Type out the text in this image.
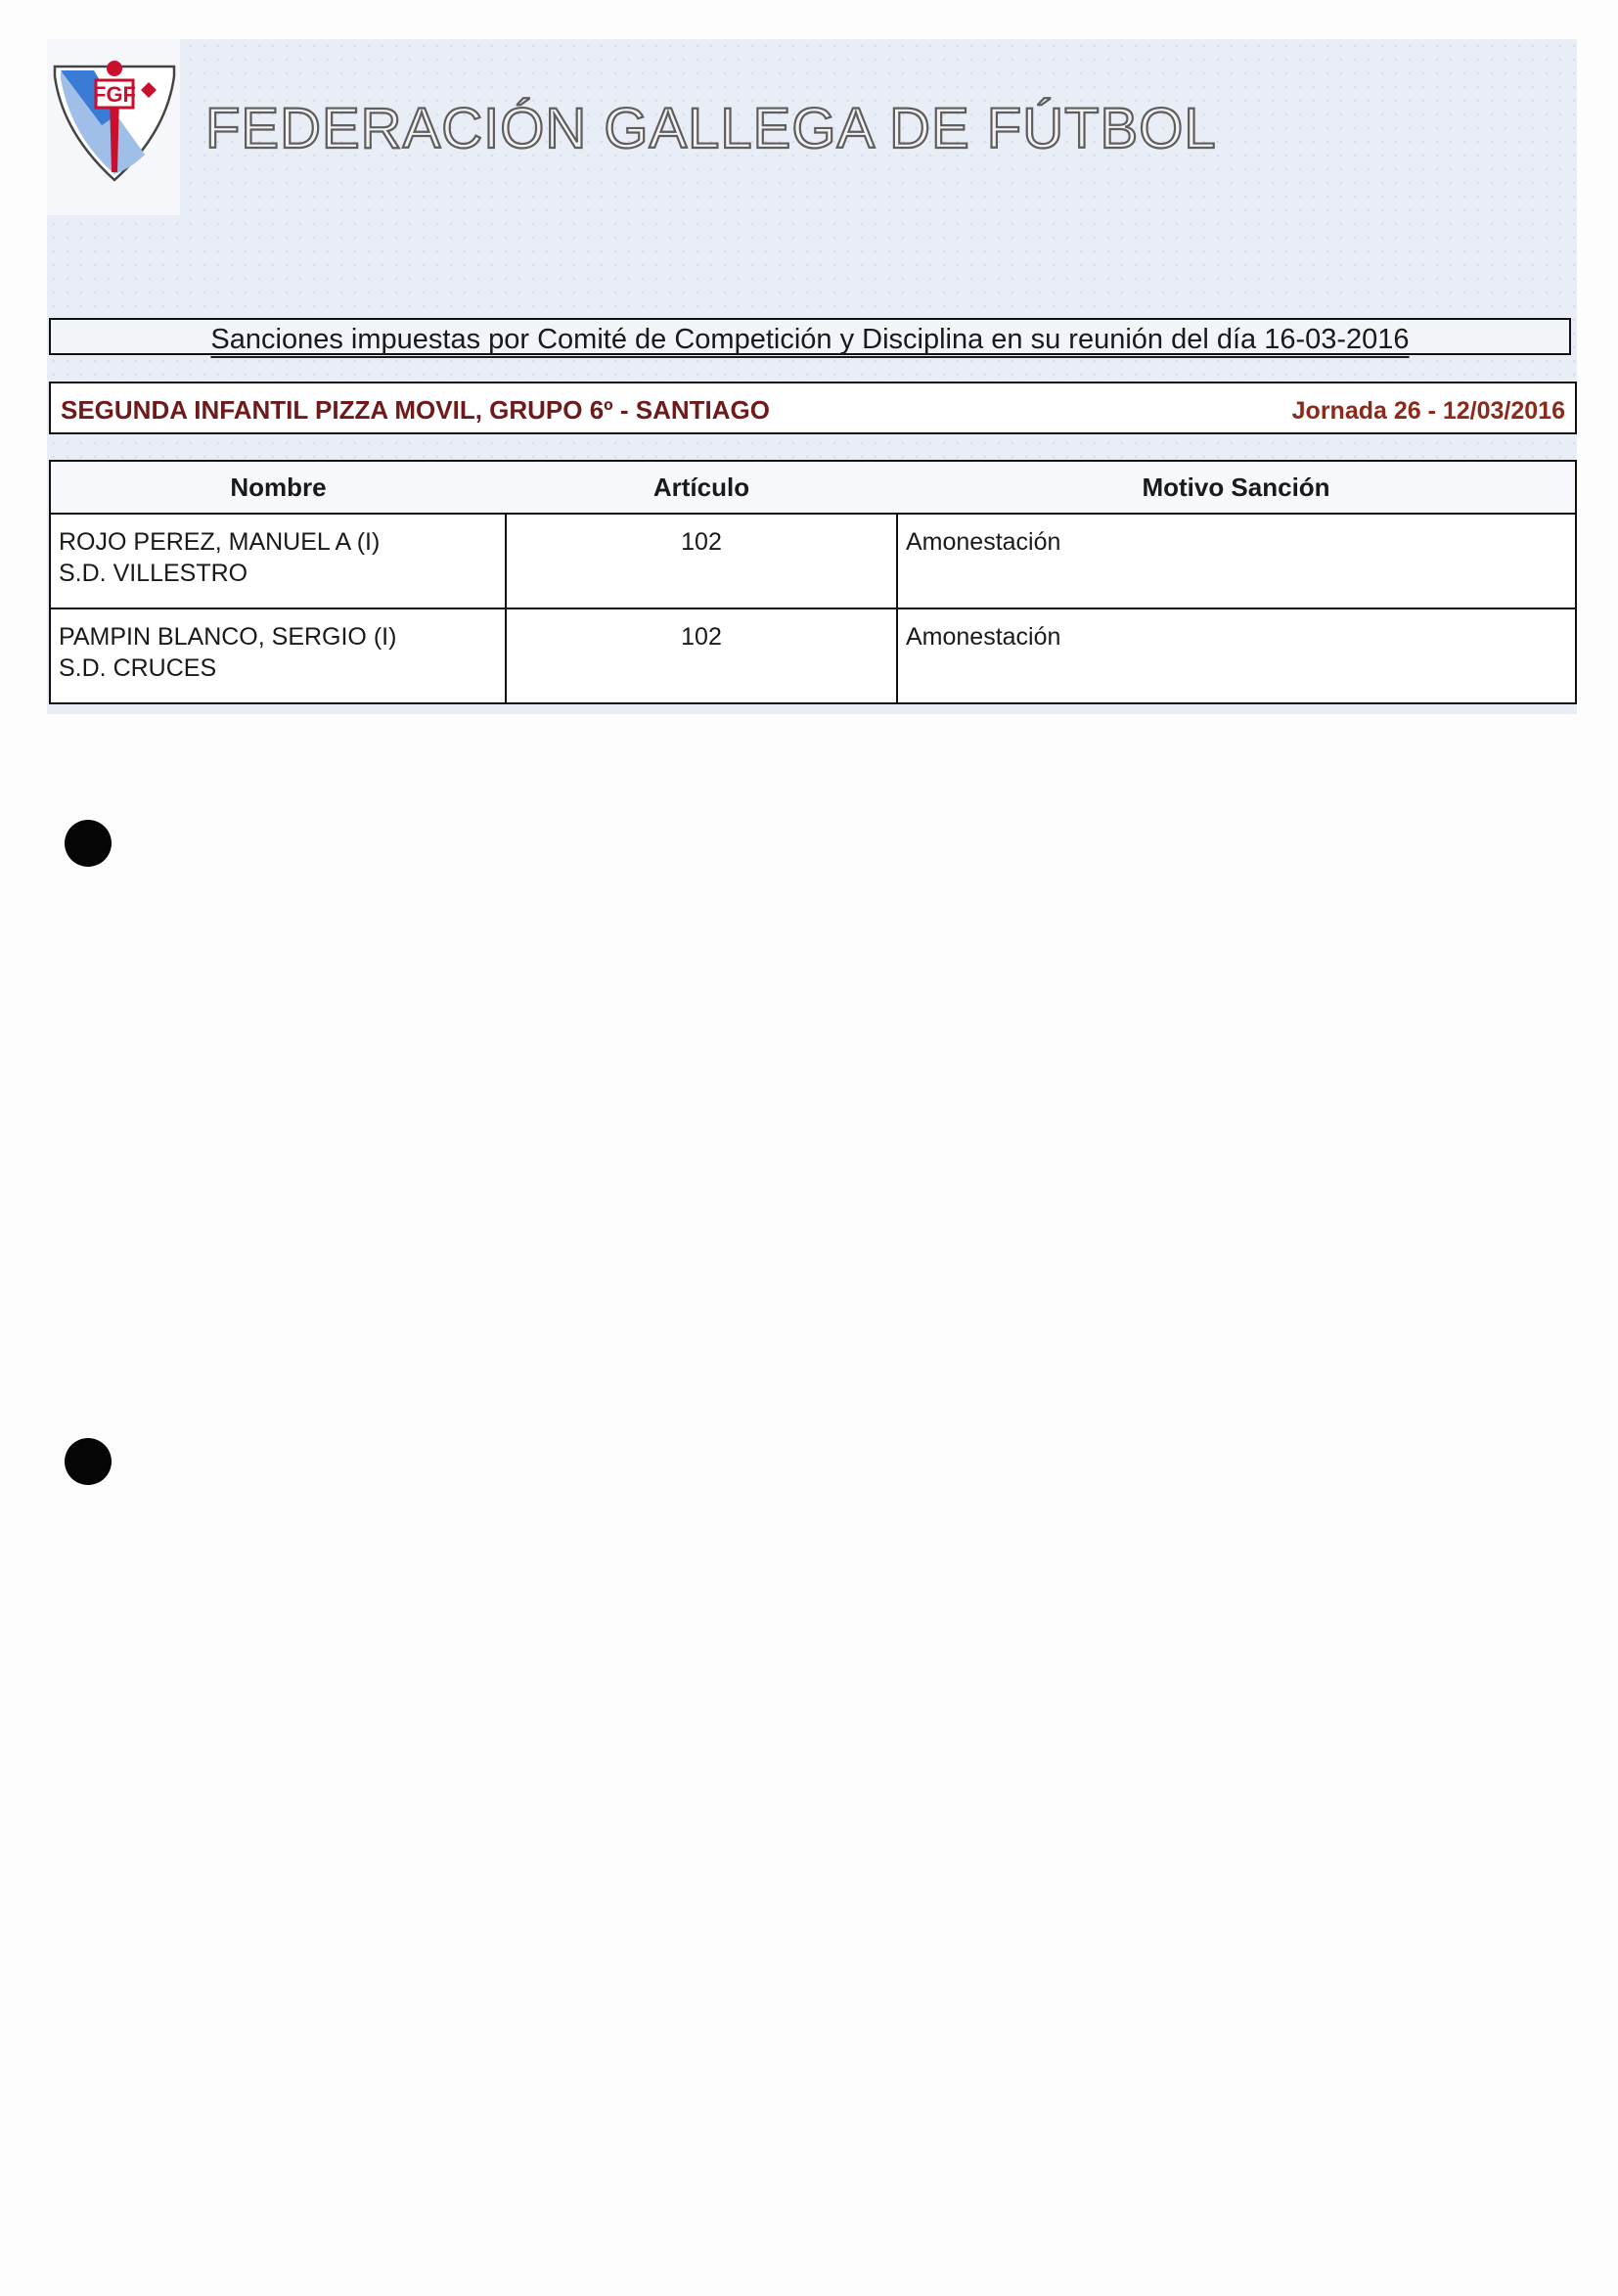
FGF
FEDERACIÓN GALLEGA DE FÚTBOL
Sanciones impuestas por Comité de Competición y Disciplina en su reunión del día 16-03-2016
SEGUNDA INFANTIL PIZZA MOVIL, GRUPO 6º - SANTIAGO	Jornada 26 - 12/03/2016
Nombre	Artículo	Motivo Sanción

ROJO PEREZ, MANUEL A (I)
S.D. VILLESTRO	102	Amonestación

PAMPIN BLANCO, SERGIO (I)
S.D. CRUCES	102	Amonestación
